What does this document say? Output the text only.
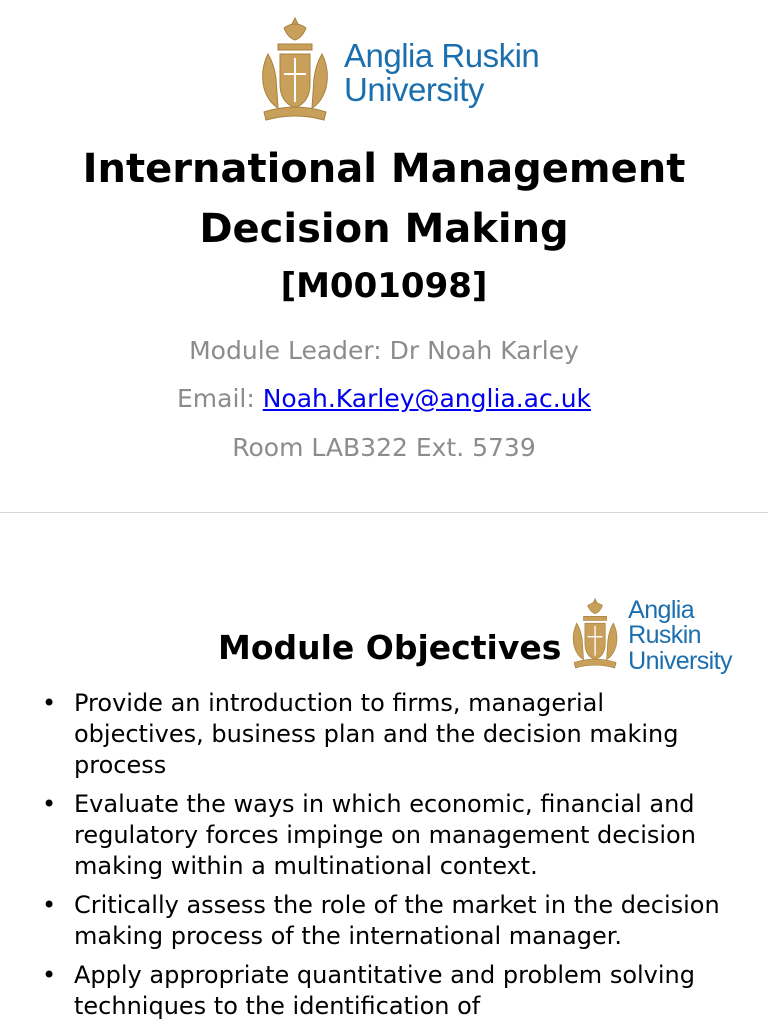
Anglia Ruskin
University
International Management
Decision Making
[M001098]
Module Leader: Dr Noah Karley
Email: Noah.Karley@anglia.ac.uk
Room LAB322 Ext. 5739
Anglia Ruskin
University
Module Objectives
• Provide an introduction to firms, managerial objectives, business plan and the decision making process
• Evaluate the ways in which economic, financial and regulatory forces impinge on management decision making within a multinational context.
• Critically assess the role of the market in the decision making process of the international manager.
• Apply appropriate quantitative and problem solving techniques to the identification of
